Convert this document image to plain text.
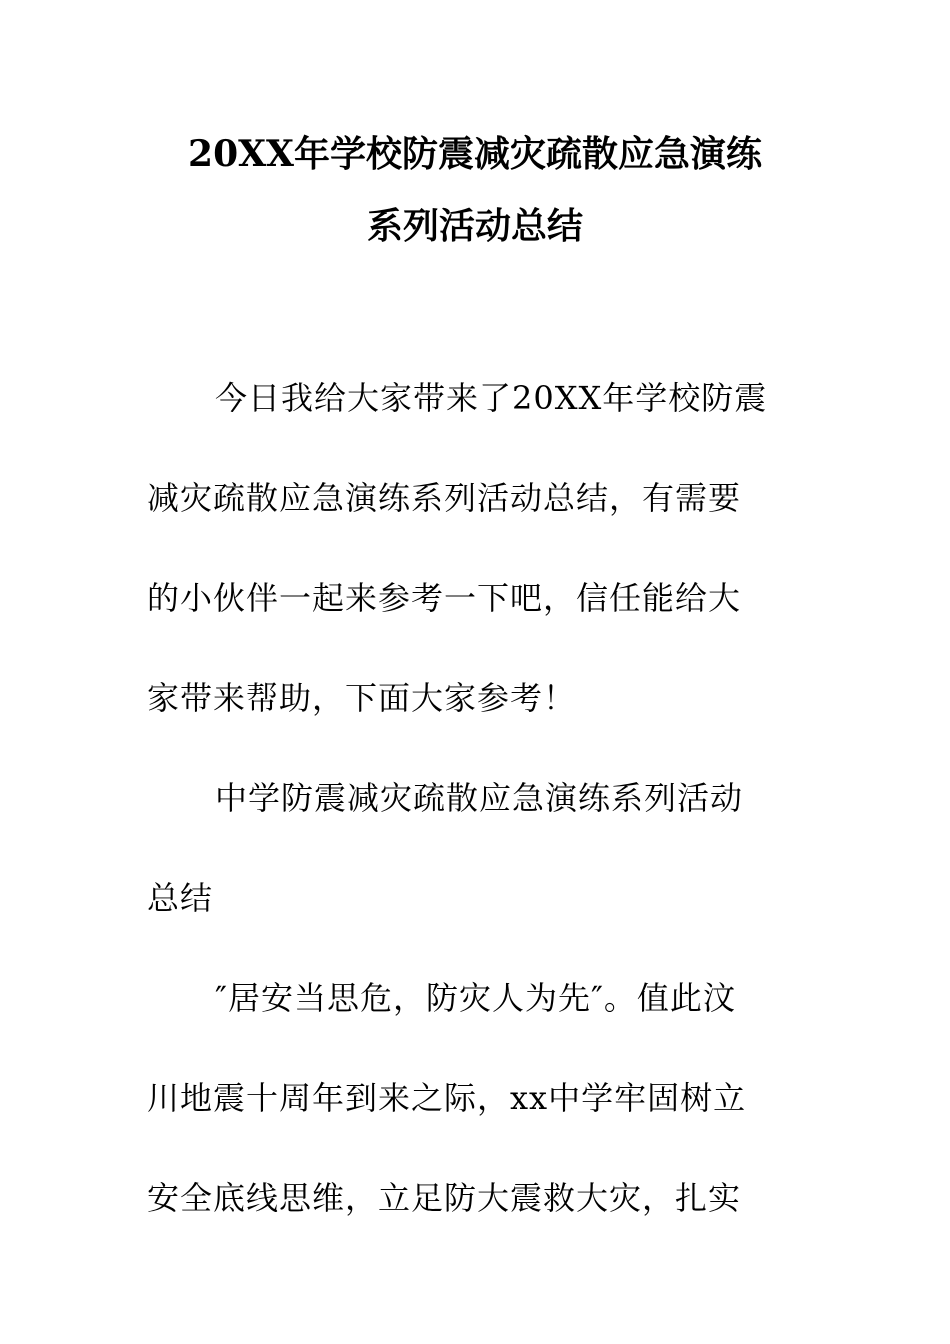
20XX年学校防震减灾疏散应急演练
系列活动总结
今日我给大家带来了20XX年学校防震
减灾疏散应急演练系列活动总结，有需要
的小伙伴一起来参考一下吧，信任能给大
家带来帮助，下面大家参考！
中学防震减灾疏散应急演练系列活动
总结
″居安当思危，防灾人为先″。值此汶
川地震十周年到来之际，xx中学牢固树立
安全底线思维，立足防大震救大灾，扎实
